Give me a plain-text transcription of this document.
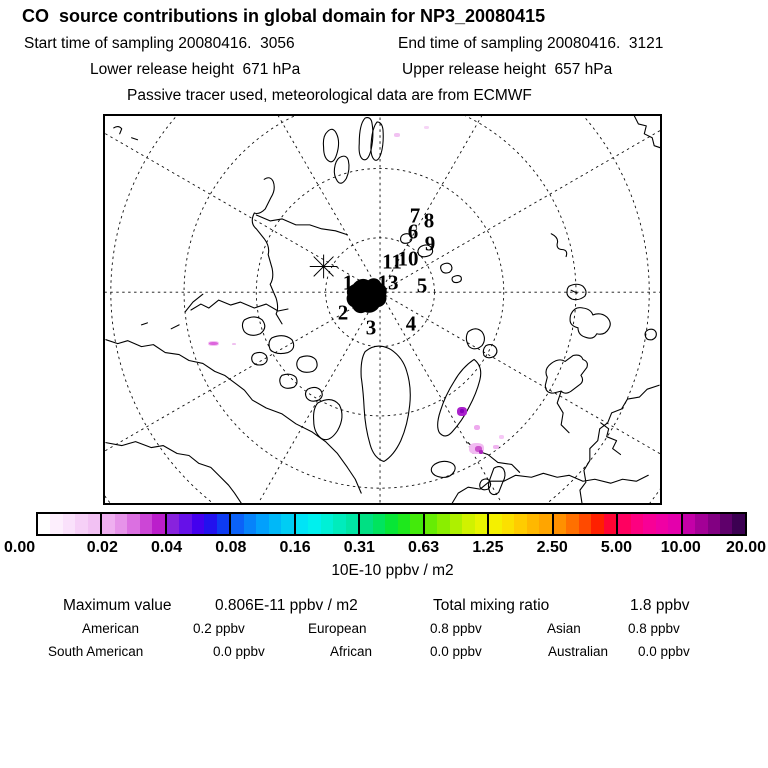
CO  source contributions in global domain for NP3_20080415
Start time of sampling 20080416.  3056	End time of sampling 20080416.  3121
Lower release height  671 hPa	Upper release height  657 hPa
Passive tracer used, meteorological data are from ECMWF
7 8
6 9
11
10
1 13 5
2
3 4
0.00	0.02 0.04 0.08 0.16 0.31 0.63 1.25 2.50 5.00 10.00 20.00
10E-10 ppbv / m2
Maximum value	0.806E-11 ppbv / m2	Total mixing ratio	1.8 ppbv
American	0.2 ppbv	European	0.8 ppbv	Asian	0.8 ppbv
South American	0.0 ppbv	African	0.0 ppbv	Australian 0.0 ppbv
